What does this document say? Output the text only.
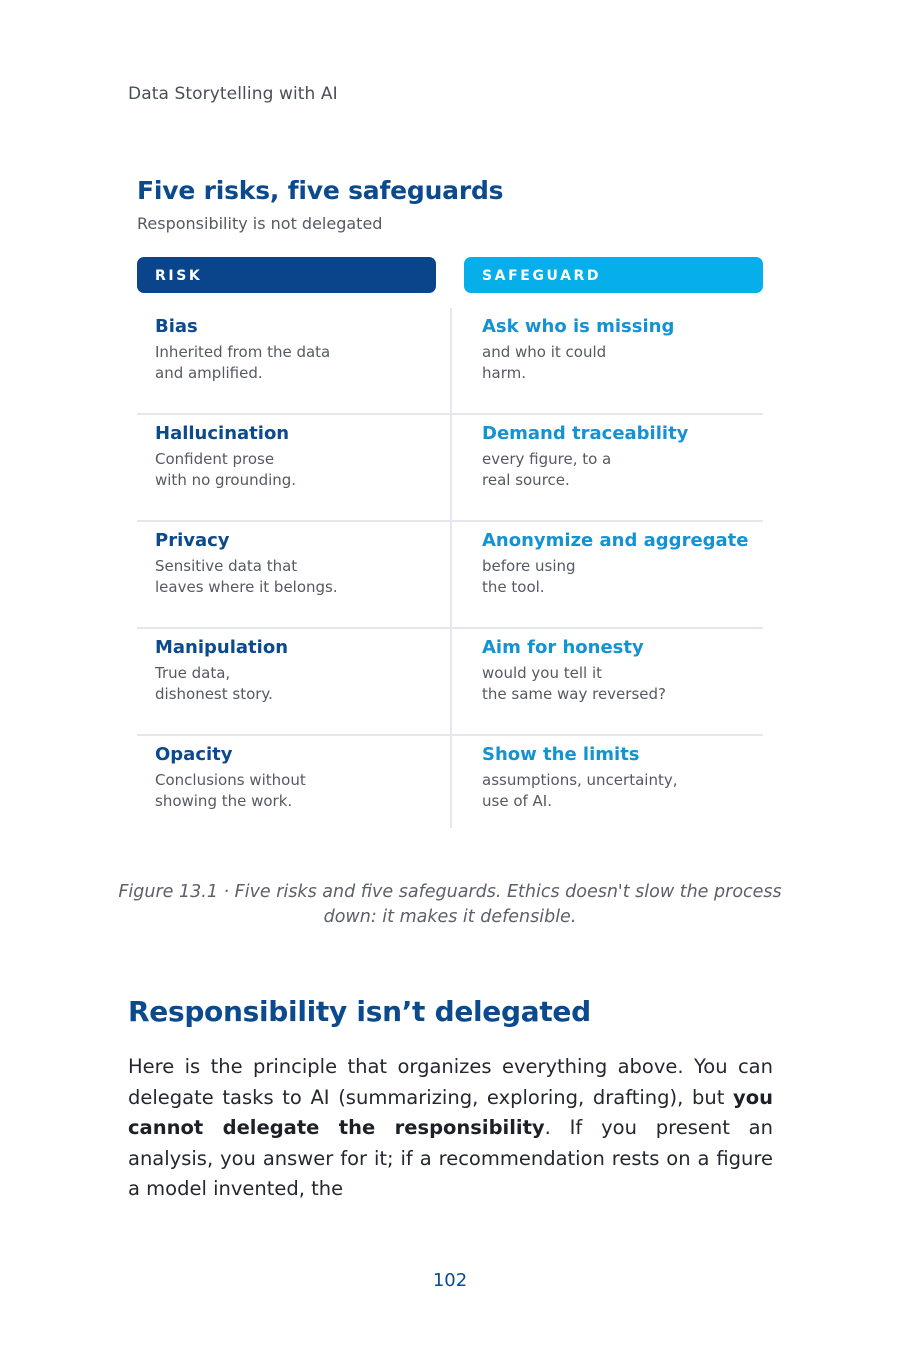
Data Storytelling with AI
Five risks, five safeguards
Responsibility is not delegated
RISK	SAFEGUARD
Bias
Inherited from the data
and amplified.
Ask who is missing
and who it could
harm.
Hallucination
Confident prose
with no grounding.
Demand traceability
every figure, to a
real source.
Privacy
Sensitive data that
leaves where it belongs.
Anonymize and aggregate
before using
the tool.
Manipulation
True data,
dishonest story.
Aim for honesty
would you tell it
the same way reversed?
Opacity
Conclusions without
showing the work.
Show the limits
assumptions, uncertainty,
use of AI.
Figure 13.1 · Five risks and five safeguards. Ethics doesn't slow the process down: it makes it defensible.
Responsibility isn’t delegated

Here is the principle that organizes everything above. You can delegate tasks to AI (summarizing, exploring, drafting), but you cannot delegate the responsibility. If you present an analysis, you answer for it; if a recommendation rests on a figure a model invented, the

102
